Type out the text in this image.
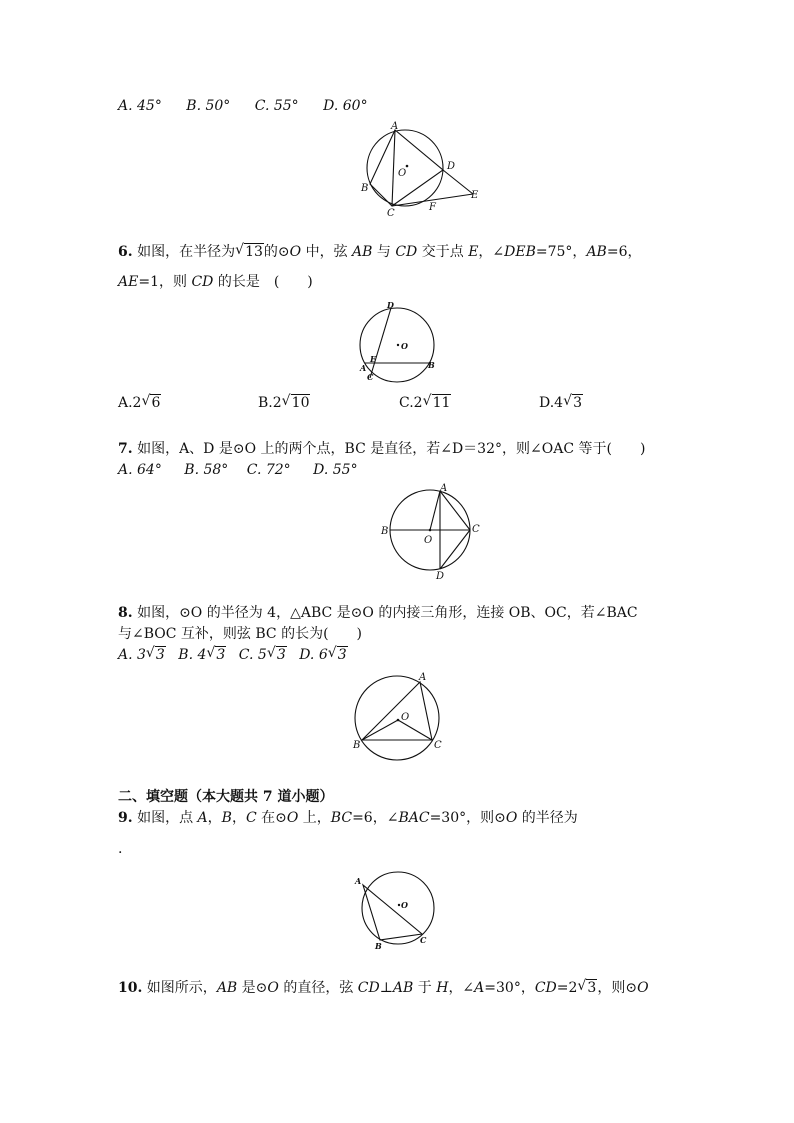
A. 45° B. 50° C. 55° D. 60°
A
B
C
D
E
F
O
6. 如图，在半径为 √ 13的⊙O 中，弦 AB 与 CD 交于点 E，∠DEB=75°，AB=6，
AE=1，则 CD 的长是　(　　)
D
O
E
A
C
B
A.2 √ 6	B.2 √ 10	C.2 √ 11	D.4 √ 3
7. 如图，A、D 是⊙O 上的两个点，BC 是直径，若∠D＝32°，则∠OAC 等于(　　)
A. 64° B. 58° C. 72° D. 55°
A
B	C
O
D
8. 如图，⊙O 的半径为 4，△ABC 是⊙O 的内接三角形，连接 OB、OC，若∠BAC
与∠BOC 互补，则弦 BC 的长为(　　)
A. 3 √ 3 B. 4 √ 3 C. 5 √ 3 D. 6 √ 3
A
O
B	C
二、填空题（本大题共 7 道小题）
9. 如图，点 A，B，C 在⊙O 上，BC=6，∠BAC=30°，则⊙O 的半径为
.
A
O
B
C
10. 如图所示，AB 是⊙O 的直径，弦 CD⊥AB 于 H，∠A=30°，CD=2 √ 3，则⊙O
